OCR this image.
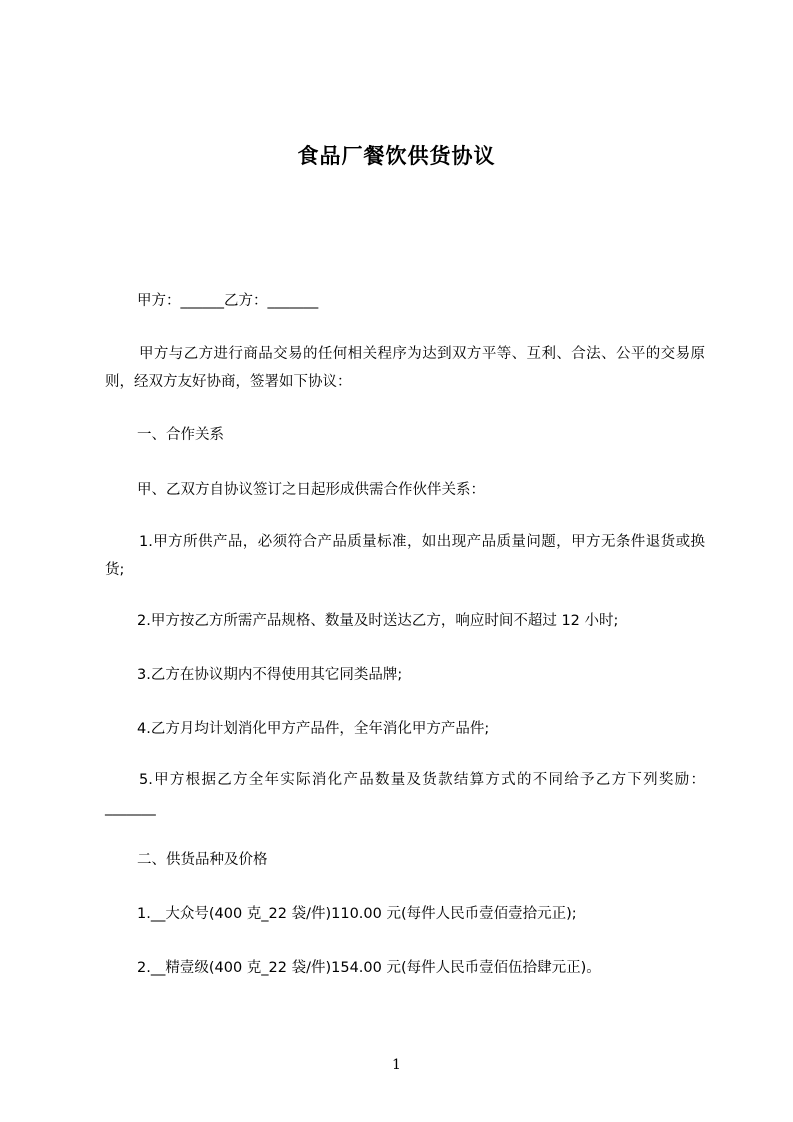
食品厂餐饮供货协议
甲方：______乙方：_______
甲方与乙方进行商品交易的任何相关程序为达到双方平等、互利、合法、公平的交易原则，经双方友好协商，签署如下协议：
一、合作关系
甲、乙双方自协议签订之日起形成供需合作伙伴关系：
1.甲方所供产品，必须符合产品质量标准，如出现产品质量问题，甲方无条件退货或换货;
2.甲方按乙方所需产品规格、数量及时送达乙方，响应时间不超过 12 小时;
3.乙方在协议期内不得使用其它同类品牌;
4.乙方月均计划消化甲方产品件，全年消化甲方产品件;
5.甲方根据乙方全年实际消化产品数量及货款结算方式的不同给予乙方下列奖励：_______
二、供货品种及价格
1.__大众号(400 克_22 袋/件)110.00 元(每件人民币壹佰壹拾元正);
2.__精壹级(400 克_22 袋/件)154.00 元(每件人民币壹佰伍拾肆元正)。
1
